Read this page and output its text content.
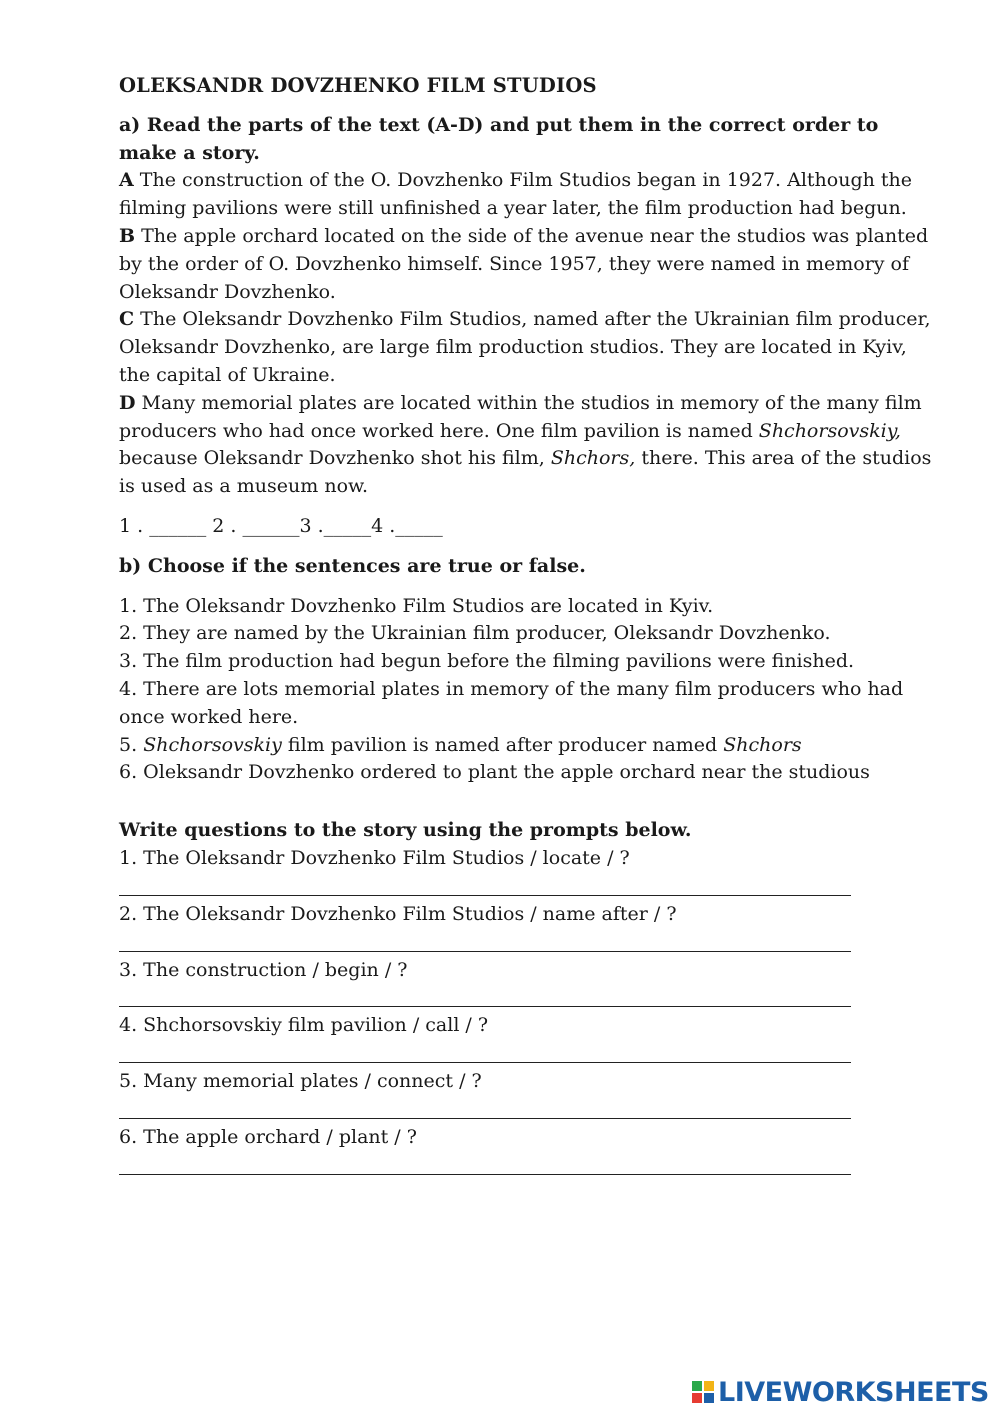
OLEKSANDR DOVZHENKO FILM STUDIOS
a) Read the parts of the text (A-D) and put them in the correct order to make a story.

A The construction of the O. Dovzhenko Film Studios began in 1927. Although the filming pavilions were still unfinished a year later, the film production had begun.

B The apple orchard located on the side of the avenue near the studios was planted by the order of O. Dovzhenko himself. Since 1957, they were named in memory of Oleksandr Dovzhenko.

C The Oleksandr Dovzhenko Film Studios, named after the Ukrainian film producer, Oleksandr Dovzhenko, are large film production studios. They are located in Kyiv, the capital of Ukraine.

D Many memorial plates are located within the studios in memory of the many film producers who had once worked here. One film pavilion is named Shchorsovskiy, because Oleksandr Dovzhenko shot his film, Shchors, there. This area of the studios is used as a museum now.

1 . ______ 2 . ______3 ._____4 ._____
b) Choose if the sentences are true or false.

1. The Oleksandr Dovzhenko Film Studios are located in Kyiv.

2. They are named by the Ukrainian film producer, Oleksandr Dovzhenko.

3. The film production had begun before the filming pavilions were finished.

4. There are lots memorial plates in memory of the many film producers who had once worked here.

5. Shchorsovskiy film pavilion is named after producer named Shchors

6. Oleksandr Dovzhenko ordered to plant the apple orchard near the studious

Write questions to the story using the prompts below.

1. The Oleksandr Dovzhenko Film Studios / locate / ?

2. The Oleksandr Dovzhenko Film Studios / name after / ?

3. The construction / begin / ?

4. Shchorsovskiy film pavilion / call / ?

5. Many memorial plates / connect / ?

6. The apple orchard / plant / ?

LIVEWORKSHEETS
